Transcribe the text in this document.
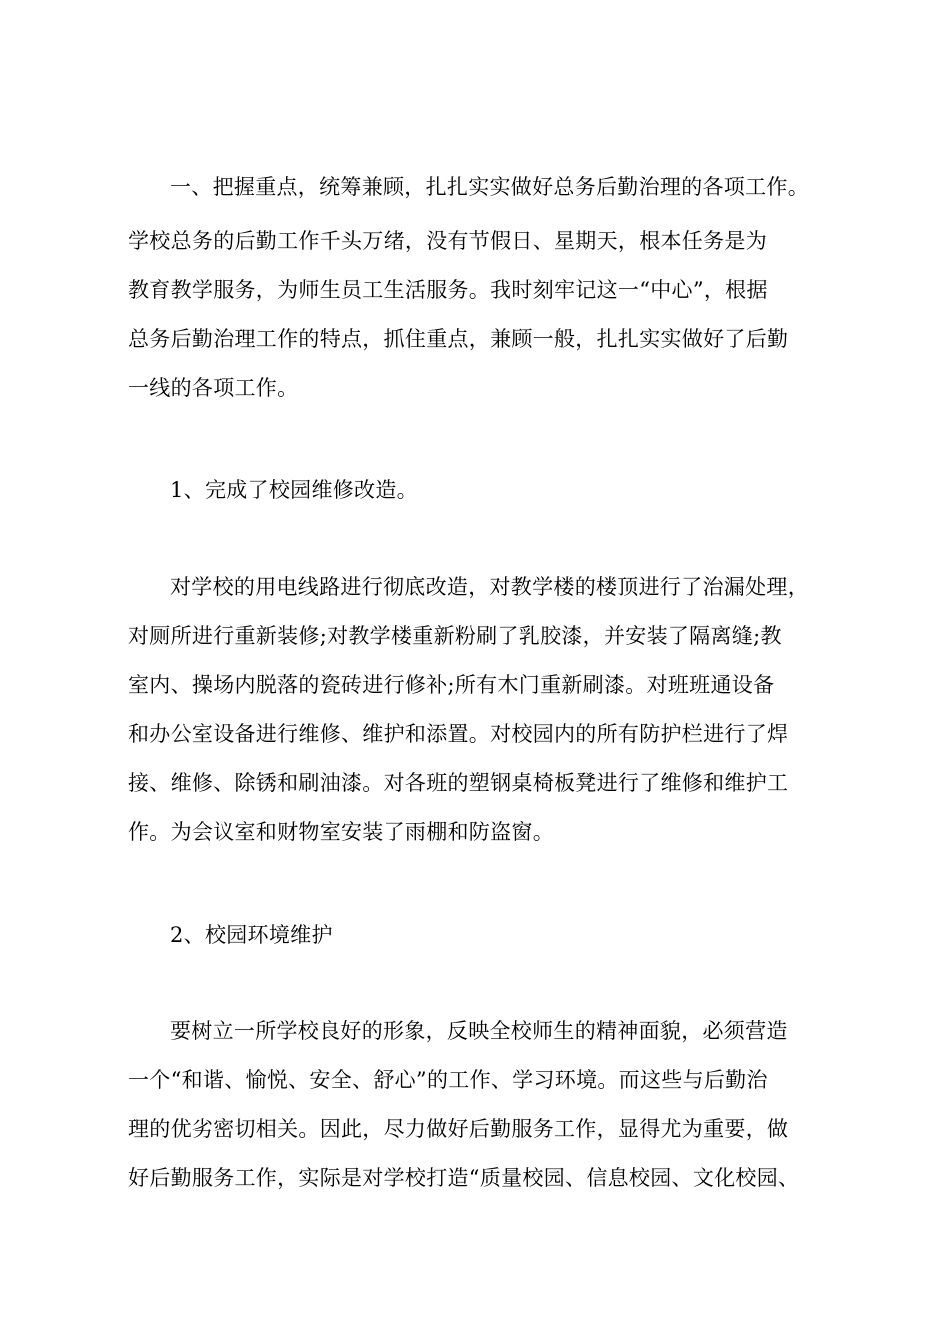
一、把握重点，统筹兼顾，扎扎实实做好总务后勤治理的各项工作。
学校总务的后勤工作千头万绪，没有节假日、星期天，根本任务是为
教育教学服务，为师生员工生活服务。我时刻牢记这一“中心”，根据
总务后勤治理工作的特点，抓住重点，兼顾一般，扎扎实实做好了后勤
一线的各项工作。
1、完成了校园维修改造。
对学校的用电线路进行彻底改造，对教学楼的楼顶进行了治漏处理，
对厕所进行重新装修;对教学楼重新粉刷了乳胶漆，并安装了隔离缝;教
室内、操场内脱落的瓷砖进行修补;所有木门重新刷漆。对班班通设备
和办公室设备进行维修、维护和添置。对校园内的所有防护栏进行了焊
接、维修、除锈和刷油漆。对各班的塑钢桌椅板凳进行了维修和维护工
作。为会议室和财物室安装了雨棚和防盗窗。
2、校园环境维护
要树立一所学校良好的形象，反映全校师生的精神面貌，必须营造
一个“和谐、愉悦、安全、舒心”的工作、学习环境。而这些与后勤治
理的优劣密切相关。因此，尽力做好后勤服务工作，显得尤为重要，做
好后勤服务工作，实际是对学校打造“质量校园、信息校园、文化校园、
